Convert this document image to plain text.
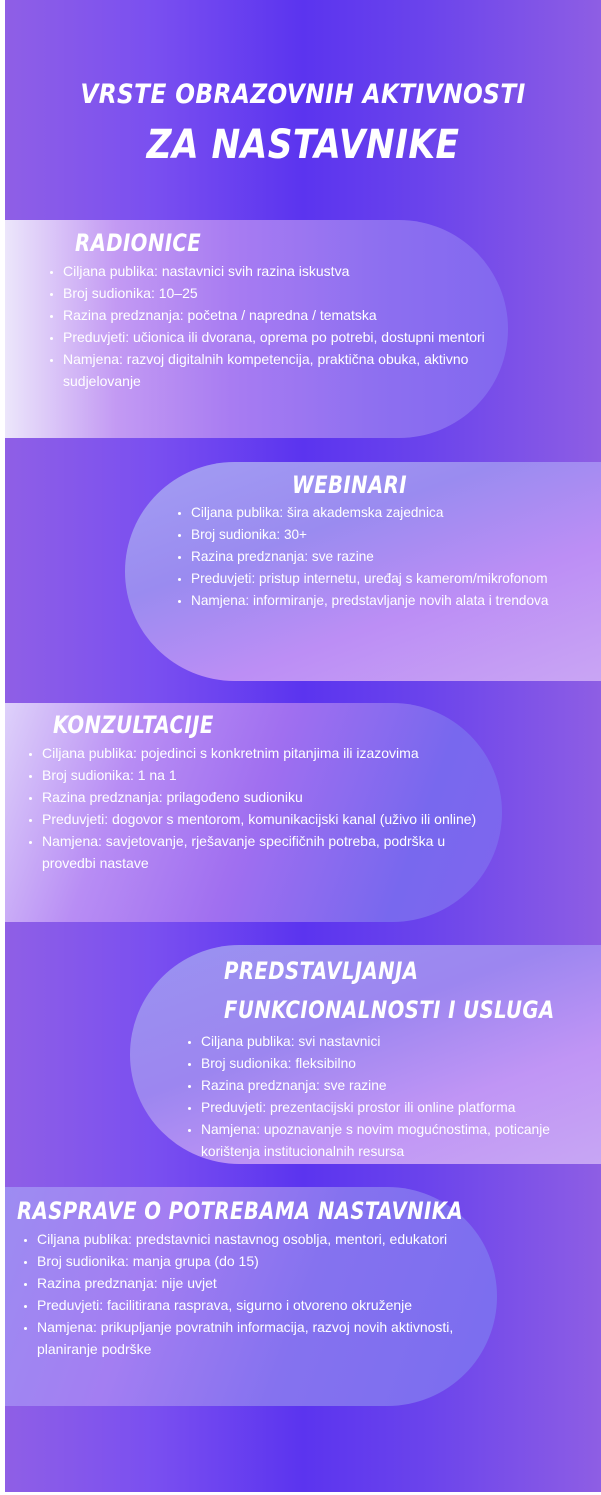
VRSTE OBRAZOVNIH AKTIVNOSTI
ZA NASTAVNIKE
RADIONICE
• Ciljana publika: nastavnici svih razina iskustva
• Broj sudionika: 10–25
• Razina predznanja: početna / napredna / tematska
• Preduvjeti: učionica ili dvorana, oprema po potrebi, dostupni mentori
• Namjena: razvoj digitalnih kompetencija, praktična obuka, aktivno sudjelovanje
WEBINARI
• Ciljana publika: šira akademska zajednica
• Broj sudionika: 30+
• Razina predznanja: sve razine
• Preduvjeti: pristup internetu, uređaj s kamerom/mikrofonom
• Namjena: informiranje, predstavljanje novih alata i trendova
KONZULTACIJE
• Ciljana publika: pojedinci s konkretnim pitanjima ili izazovima
• Broj sudionika: 1 na 1
• Razina predznanja: prilagođeno sudioniku
• Preduvjeti: dogovor s mentorom, komunikacijski kanal (uživo ili online)
• Namjena: savjetovanje, rješavanje specifičnih potreba, podrška u provedbi nastave
PREDSTAVLJANJA
FUNKCIONALNOSTI I USLUGA
• Ciljana publika: svi nastavnici
• Broj sudionika: fleksibilno
• Razina predznanja: sve razine
• Preduvjeti: prezentacijski prostor ili online platforma
• Namjena: upoznavanje s novim mogućnostima, poticanje korištenja institucionalnih resursa
RASPRAVE O POTREBAMA NASTAVNIKA
• Ciljana publika: predstavnici nastavnog osoblja, mentori, edukatori
• Broj sudionika: manja grupa (do 15)
• Razina predznanja: nije uvjet
• Preduvjeti: facilitirana rasprava, sigurno i otvoreno okruženje
• Namjena: prikupljanje povratnih informacija, razvoj novih aktivnosti, planiranje podrške
